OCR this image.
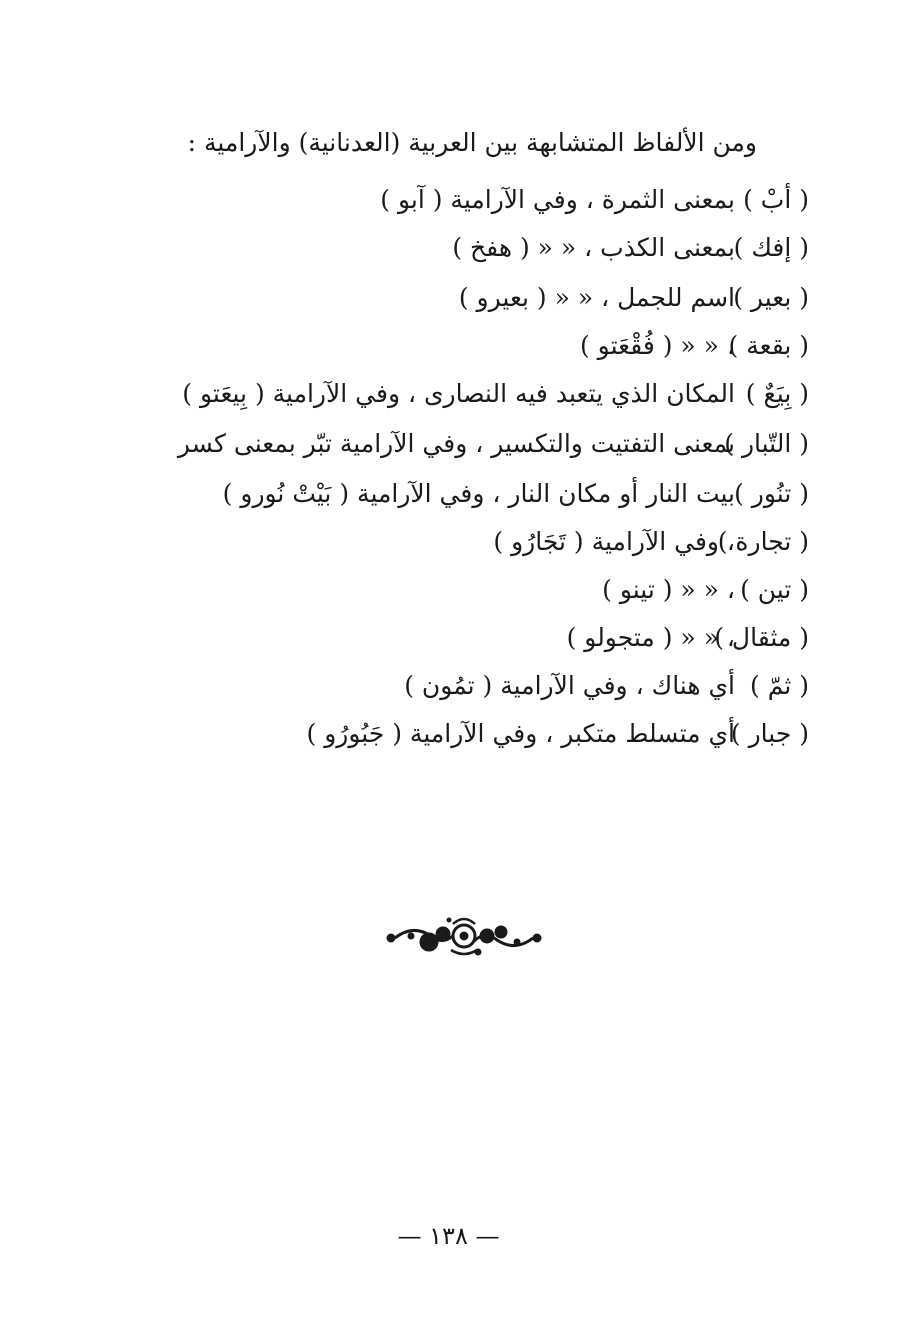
ومن الألفاظ المتشابهة بين العربية (العدنانية) والآرامية :
( أبْ )بمعنى الثمرة ، وفي الآرامية ( آبو )
( إفك )بمعنى الكذب ، « « ( هفخ )
( بعير )اسم للجمل ، « « ( بعيرو )
( بقعة )، « « ( فُقْعَتو )
( بِيَعٌ )المكان الذي يتعبد فيه النصارى ، وفي الآرامية ( بِيعَتو )
( التّبار )بمعنى التفتيت والتكسير ، وفي الآرامية تبّر بمعنى كسر
( تنُور )بيت النار أو مكان النار ، وفي الآرامية ( بَيْتْ نُورو )
( تجارة )، وفي الآرامية ( تَجَارُو )
( تين )، « « ( تينو )
( مثقال )، « « ( متجولو )
( ثمّ )أي هناك ، وفي الآرامية ( تمُون )
( جبار )أي متسلط متكبر ، وفي الآرامية ( جَبُورُو )
— ١٣٨ —
